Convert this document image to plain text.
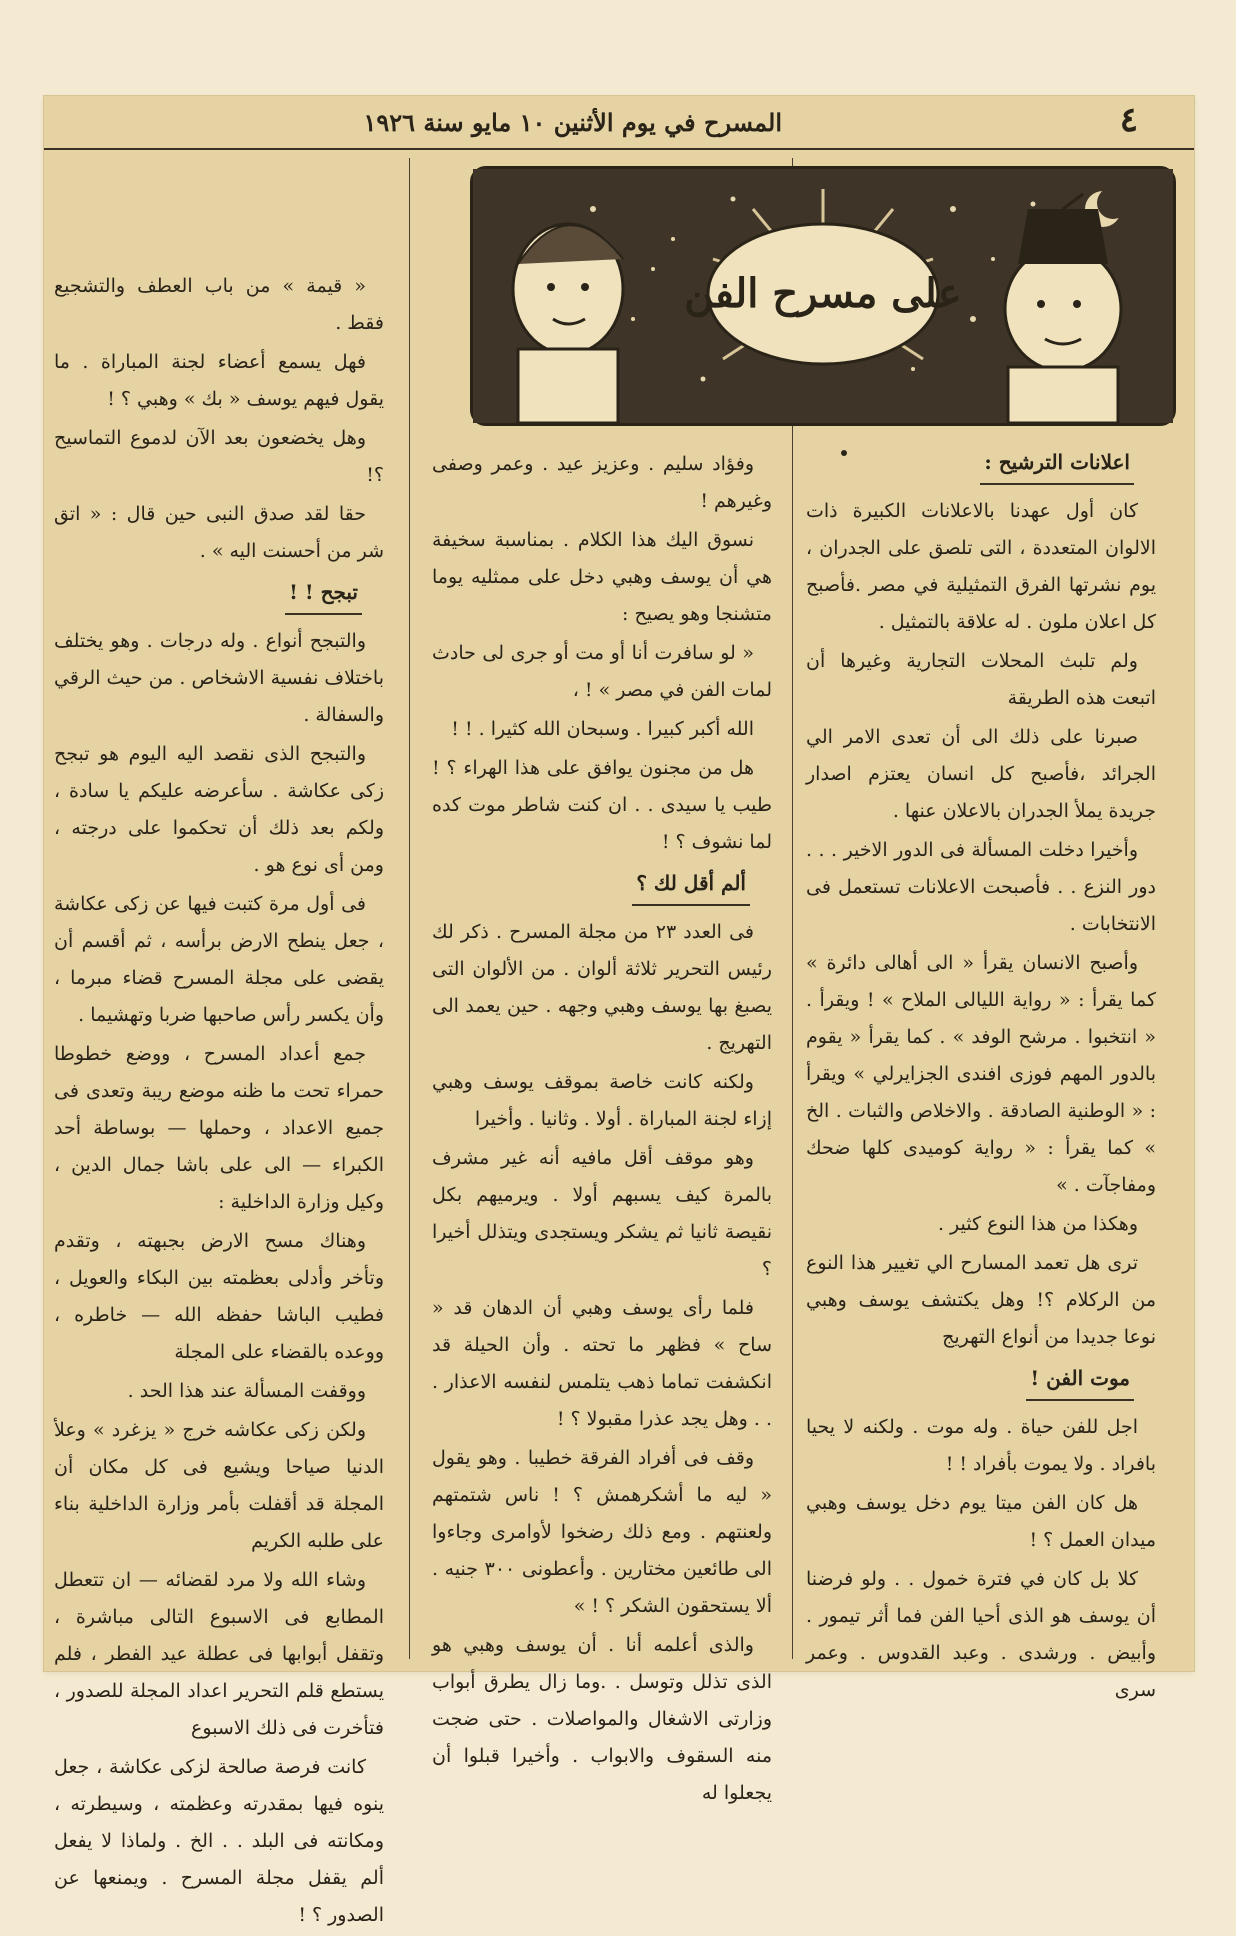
٤
المسرح في يوم الأثنين ١٠ مايو سنة ١٩٢٦
على مسرح الفن
اعلانات الترشيح :

كان أول عهدنا بالاعلانات الكبيرة ذات الالوان المتعددة ، التى تلصق على الجدران ، يوم نشرتها الفرق التمثيلية في مصر .فأصبح كل اعلان ملون . له علاقة بالتمثيل .

ولم تلبث المحلات التجارية وغيرها أن اتبعت هذه الطريقة

صبرنا على ذلك الى أن تعدى الامر الي الجرائد ،فأصبح كل انسان يعتزم اصدار جريدة يملأ الجدران بالاعلان عنها .

وأخيرا دخلت المسألة فى الدور الاخير . . . دور النزع . . فأصبحت الاعلانات تستعمل فى الانتخابات .

وأصبح الانسان يقرأ « الى أهالى دائرة » كما يقرأ : « رواية الليالى الملاح » ! ويقرأ . « انتخبوا . مرشح الوفد » . كما يقرأ « يقوم بالدور المهم فوزى افندى الجزايرلي » ويقرأ : « الوطنية الصادقة . والاخلاص والثبات . الخ » كما يقرأ : « رواية كوميدى كلها ضحك ومفاجآت . »

وهكذا من هذا النوع كثير .

ترى هل تعمد المسارح الي تغيير هذا النوع من الركلام ؟! وهل يكتشف يوسف وهبي نوعا جديدا من أنواع التهريج

موت الفن !

اجل للفن حياة . وله موت . ولكنه لا يحيا بافراد . ولا يموت بأفراد ! !

هل كان الفن ميتا يوم دخل يوسف وهبي ميدان العمل ؟ !

كلا بل كان في فترة خمول . . ولو فرضنا أن يوسف هو الذى أحيا الفن فما أثر تيمور . وأبيض . ورشدى . وعبد القدوس . وعمر سرى

وفؤاد سليم . وعزيز عيد . وعمر وصفى وغيرهم !

نسوق اليك هذا الكلام . بمناسبة سخيفة هي أن يوسف وهبي دخل على ممثليه يوما متشنجا وهو يصيح :

« لو سافرت أنا أو مت أو جرى لى حادث لمات الفن في مصر » ! ،

الله أكبر كبيرا . وسبحان الله كثيرا . ! !

هل من مجنون يوافق على هذا الهراء ؟ ! طيب يا سيدى . . ان كنت شاطر موت كده لما نشوف ؟ !

ألم أقل لك ؟

فى العدد ٢٣ من مجلة المسرح . ذكر لك رئيس التحرير ثلاثة ألوان . من الألوان التى يصبغ بها يوسف وهبي وجهه . حين يعمد الى التهريج .

ولكنه كانت خاصة بموقف يوسف وهبي إزاء لجنة المباراة . أولا . وثانيا . وأخيرا

وهو موقف أقل مافيه أنه غير مشرف بالمرة كيف يسبهم أولا . ويرميهم بكل نقيصة ثانيا ثم يشكر ويستجدى ويتذلل أخيرا ؟

فلما رأى يوسف وهبي أن الدهان قد « ساح » فظهر ما تحته . وأن الحيلة قد انكشفت تماما ذهب يتلمس لنفسه الاعذار . . . وهل يجد عذرا مقبولا ؟ !

وقف فى أفراد الفرقة خطيبا . وهو يقول « ليه ما أشكرهمش ؟ ! ناس شتمتهم ولعنتهم . ومع ذلك رضخوا لأوامرى وجاءوا الى طائعين مختارين . وأعطونى ٣٠٠ جنيه . ألا يستحقون الشكر ؟ ! »

والذى أعلمه أنا . أن يوسف وهبي هو الذى تذلل وتوسل . .وما زال يطرق أبواب وزارتى الاشغال والمواصلات . حتى ضجت منه السقوف والابواب . وأخيرا قبلوا أن يجعلوا له

« قيمة » من باب العطف والتشجيع فقط .

فهل يسمع أعضاء لجنة المباراة . ما يقول فيهم يوسف « بك » وهبي ؟ !

وهل يخضعون بعد الآن لدموع التماسيح ؟!

حقا لقد صدق النبى حين قال : « اتق شر من أحسنت اليه » .

تبجح ! !

والتبجح أنواع . وله درجات . وهو يختلف باختلاف نفسية الاشخاص . من حيث الرقي والسفالة .

والتبجح الذى نقصد اليه اليوم هو تبجح زكى عكاشة . سأعرضه عليكم يا سادة ، ولكم بعد ذلك أن تحكموا على درجته ، ومن أى نوع هو .

فى أول مرة كتبت فيها عن زكى عكاشة ، جعل ينطح الارض برأسه ، ثم أقسم أن يقضى على مجلة المسرح قضاء مبرما ، وأن يكسر رأس صاحبها ضربا وتهشيما .

جمع أعداد المسرح ، ووضع خطوطا حمراء تحت ما ظنه موضع ريبة وتعدى فى جميع الاعداد ، وحملها — بوساطة أحد الكبراء — الى على باشا جمال الدين ، وكيل وزارة الداخلية :

وهناك مسح الارض بجبهته ، وتقدم وتأخر وأدلى بعظمته بين البكاء والعويل ، فطيب الباشا حفظه الله — خاطره ، ووعده بالقضاء على المجلة

ووقفت المسألة عند هذا الحد .

ولكن زكى عكاشه خرج « يزغرد » وعلأ الدنيا صياحا ويشيع فى كل مكان أن المجلة قد أقفلت بأمر وزارة الداخلية بناء على طلبه الكريم

وشاء الله ولا مرد لقضائه — ان تتعطل المطابع فى الاسبوع التالى مباشرة ، وتقفل أبوابها فى عطلة عيد الفطر ، فلم يستطع قلم التحرير اعداد المجلة للصدور ، فتأخرت فى ذلك الاسبوع

كانت فرصة صالحة لزكى عكاشة ، جعل ينوه فيها بمقدرته وعظمته ، وسيطرته ، ومكانته فى البلد . . الخ . ولماذا لا يفعل ألم يقفل مجلة المسرح . ويمنعها عن الصدور ؟ !
